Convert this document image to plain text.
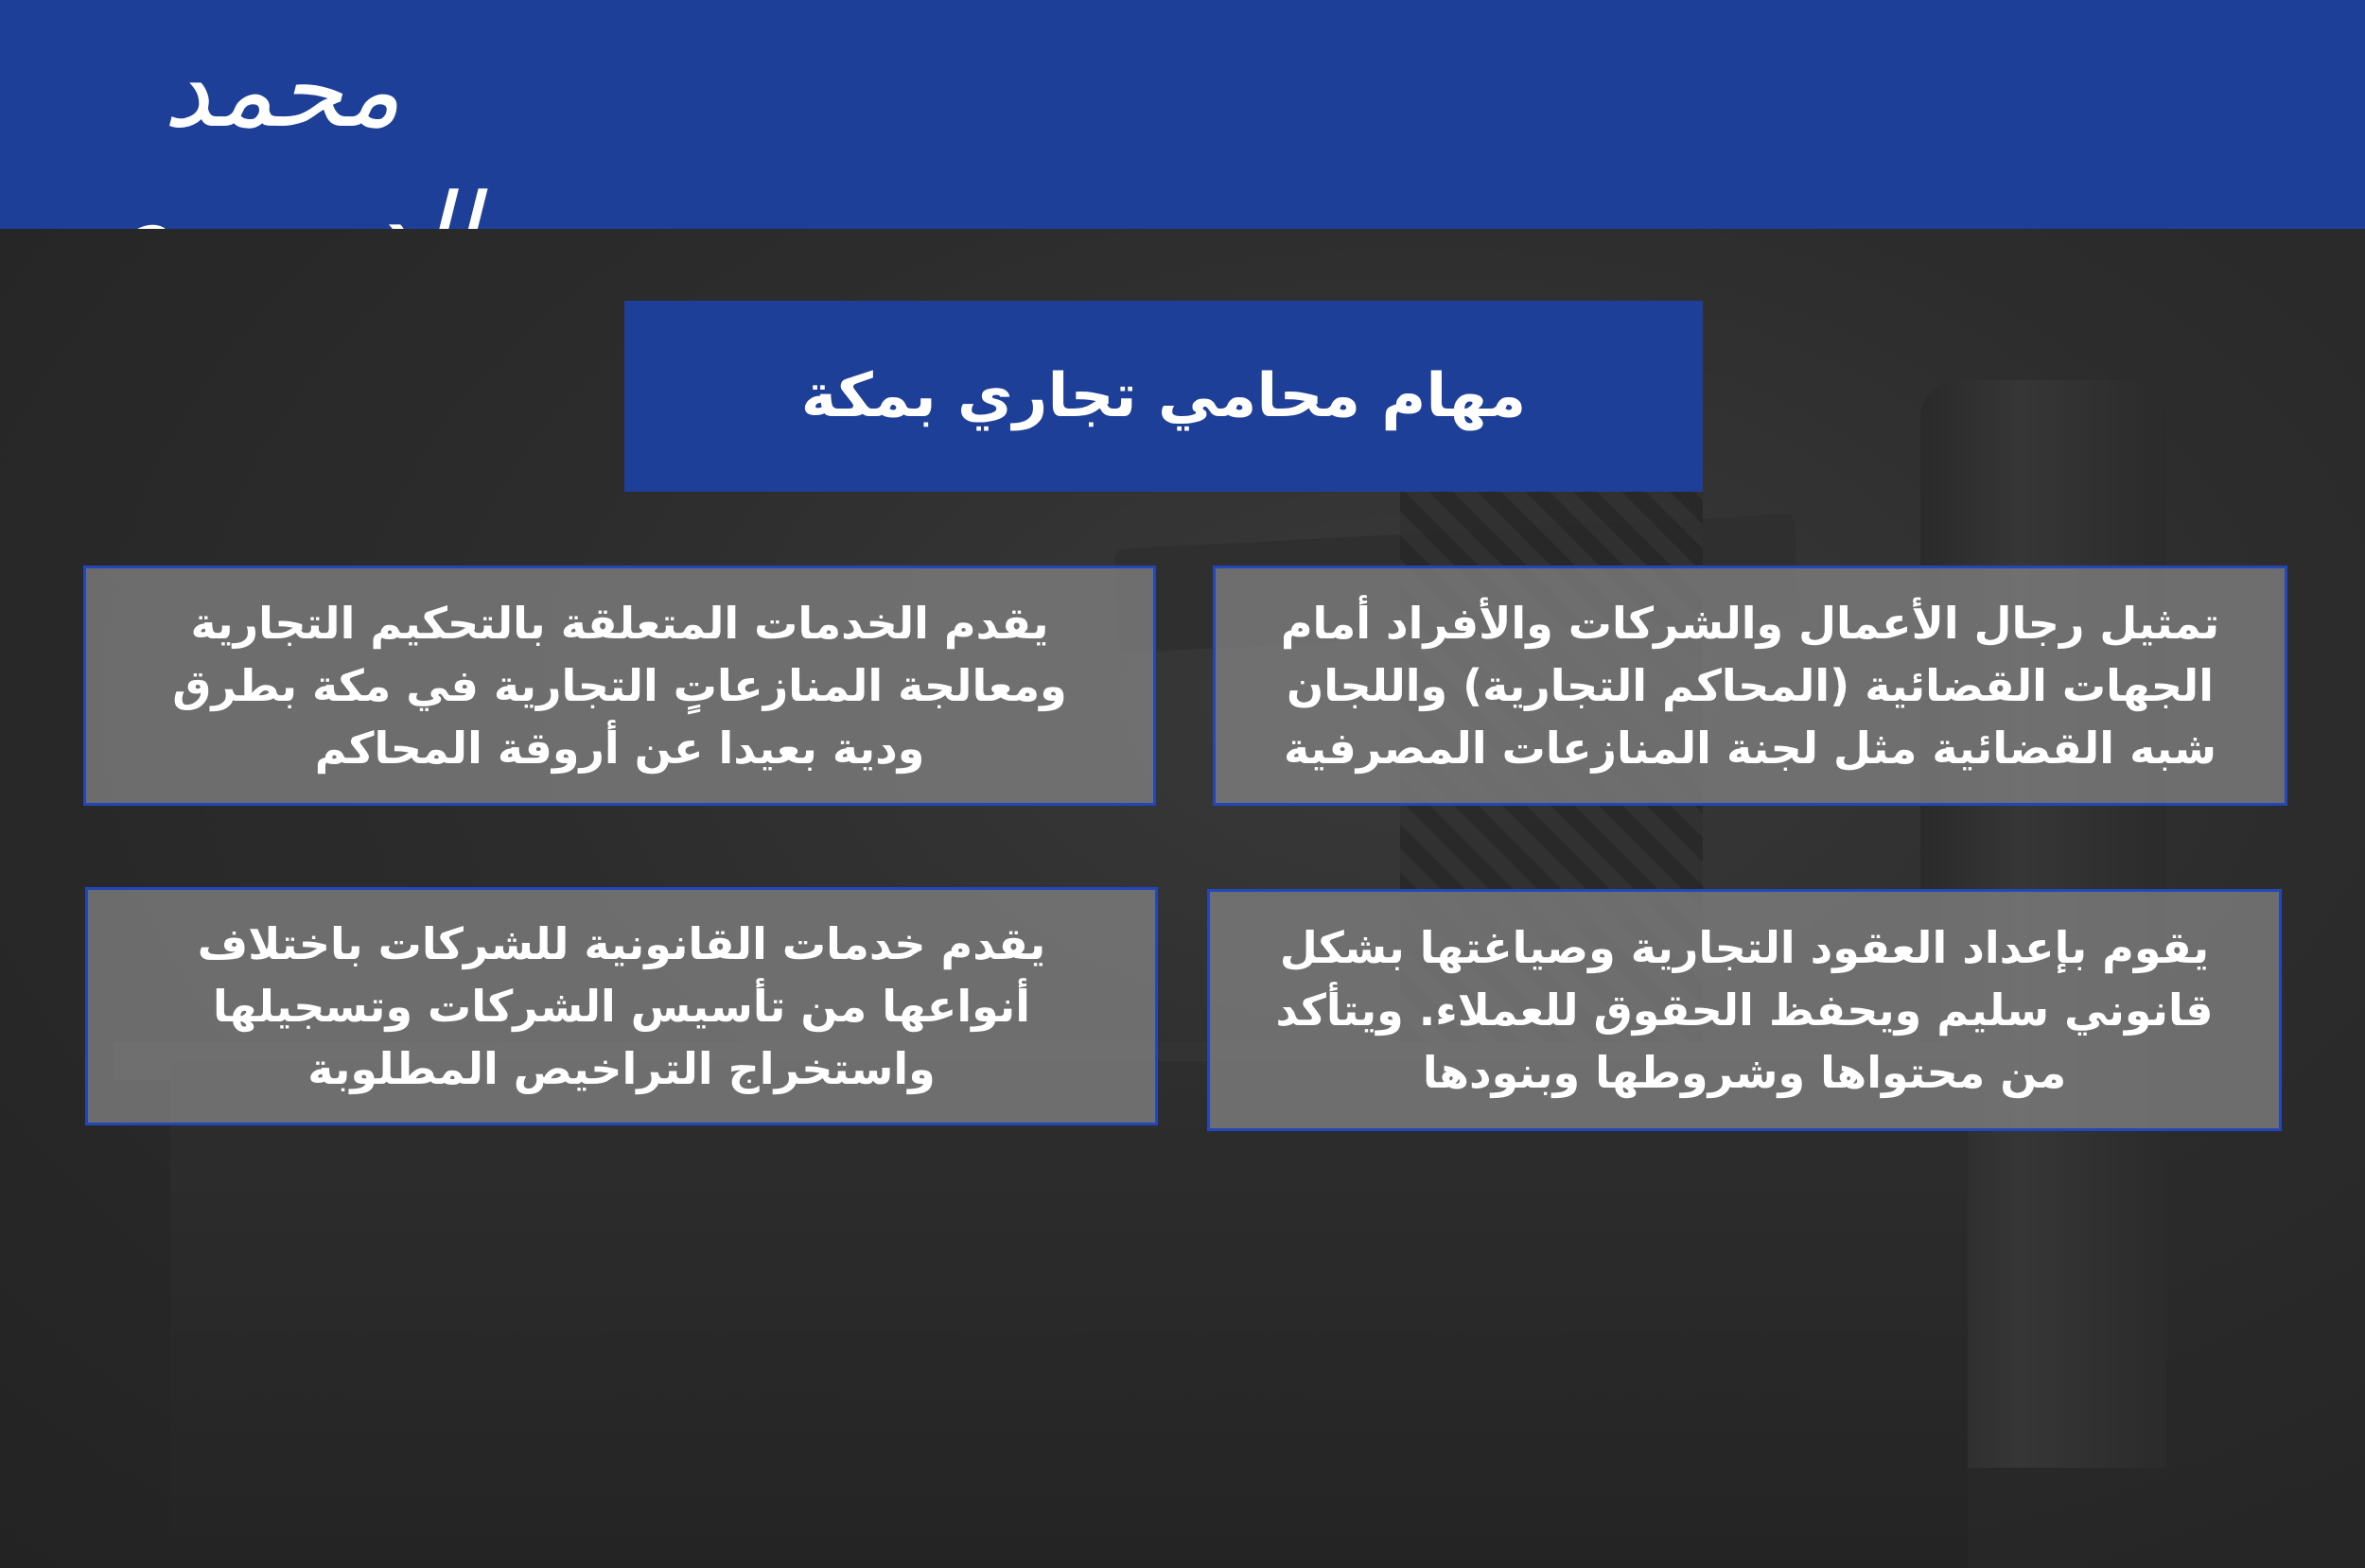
محمد
مهام محامي تجاري بمكة
تمثيل رجال الأعمال والشركات والأفراد أمام الجهات القضائية (المحاكم التجارية) واللجان شبه القضائية مثل لجنة المنازعات المصرفية
يقدم الخدمات المتعلقة بالتحكيم التجارية ومعالجة المنازعاتٍ التجارية في مكة بطرق ودية بعيدا عن أروقة المحاكم
يقوم بإعداد العقود التجارية وصياغتها بشكل قانوني سليم ويحفظ الحقوق للعملاء. ويتأكد من محتواها وشروطها وبنودها
يقدم خدمات القانونية للشركات باختلاف أنواعها من تأسيس الشركات وتسجيلها واستخراج التراخيص المطلوبة
